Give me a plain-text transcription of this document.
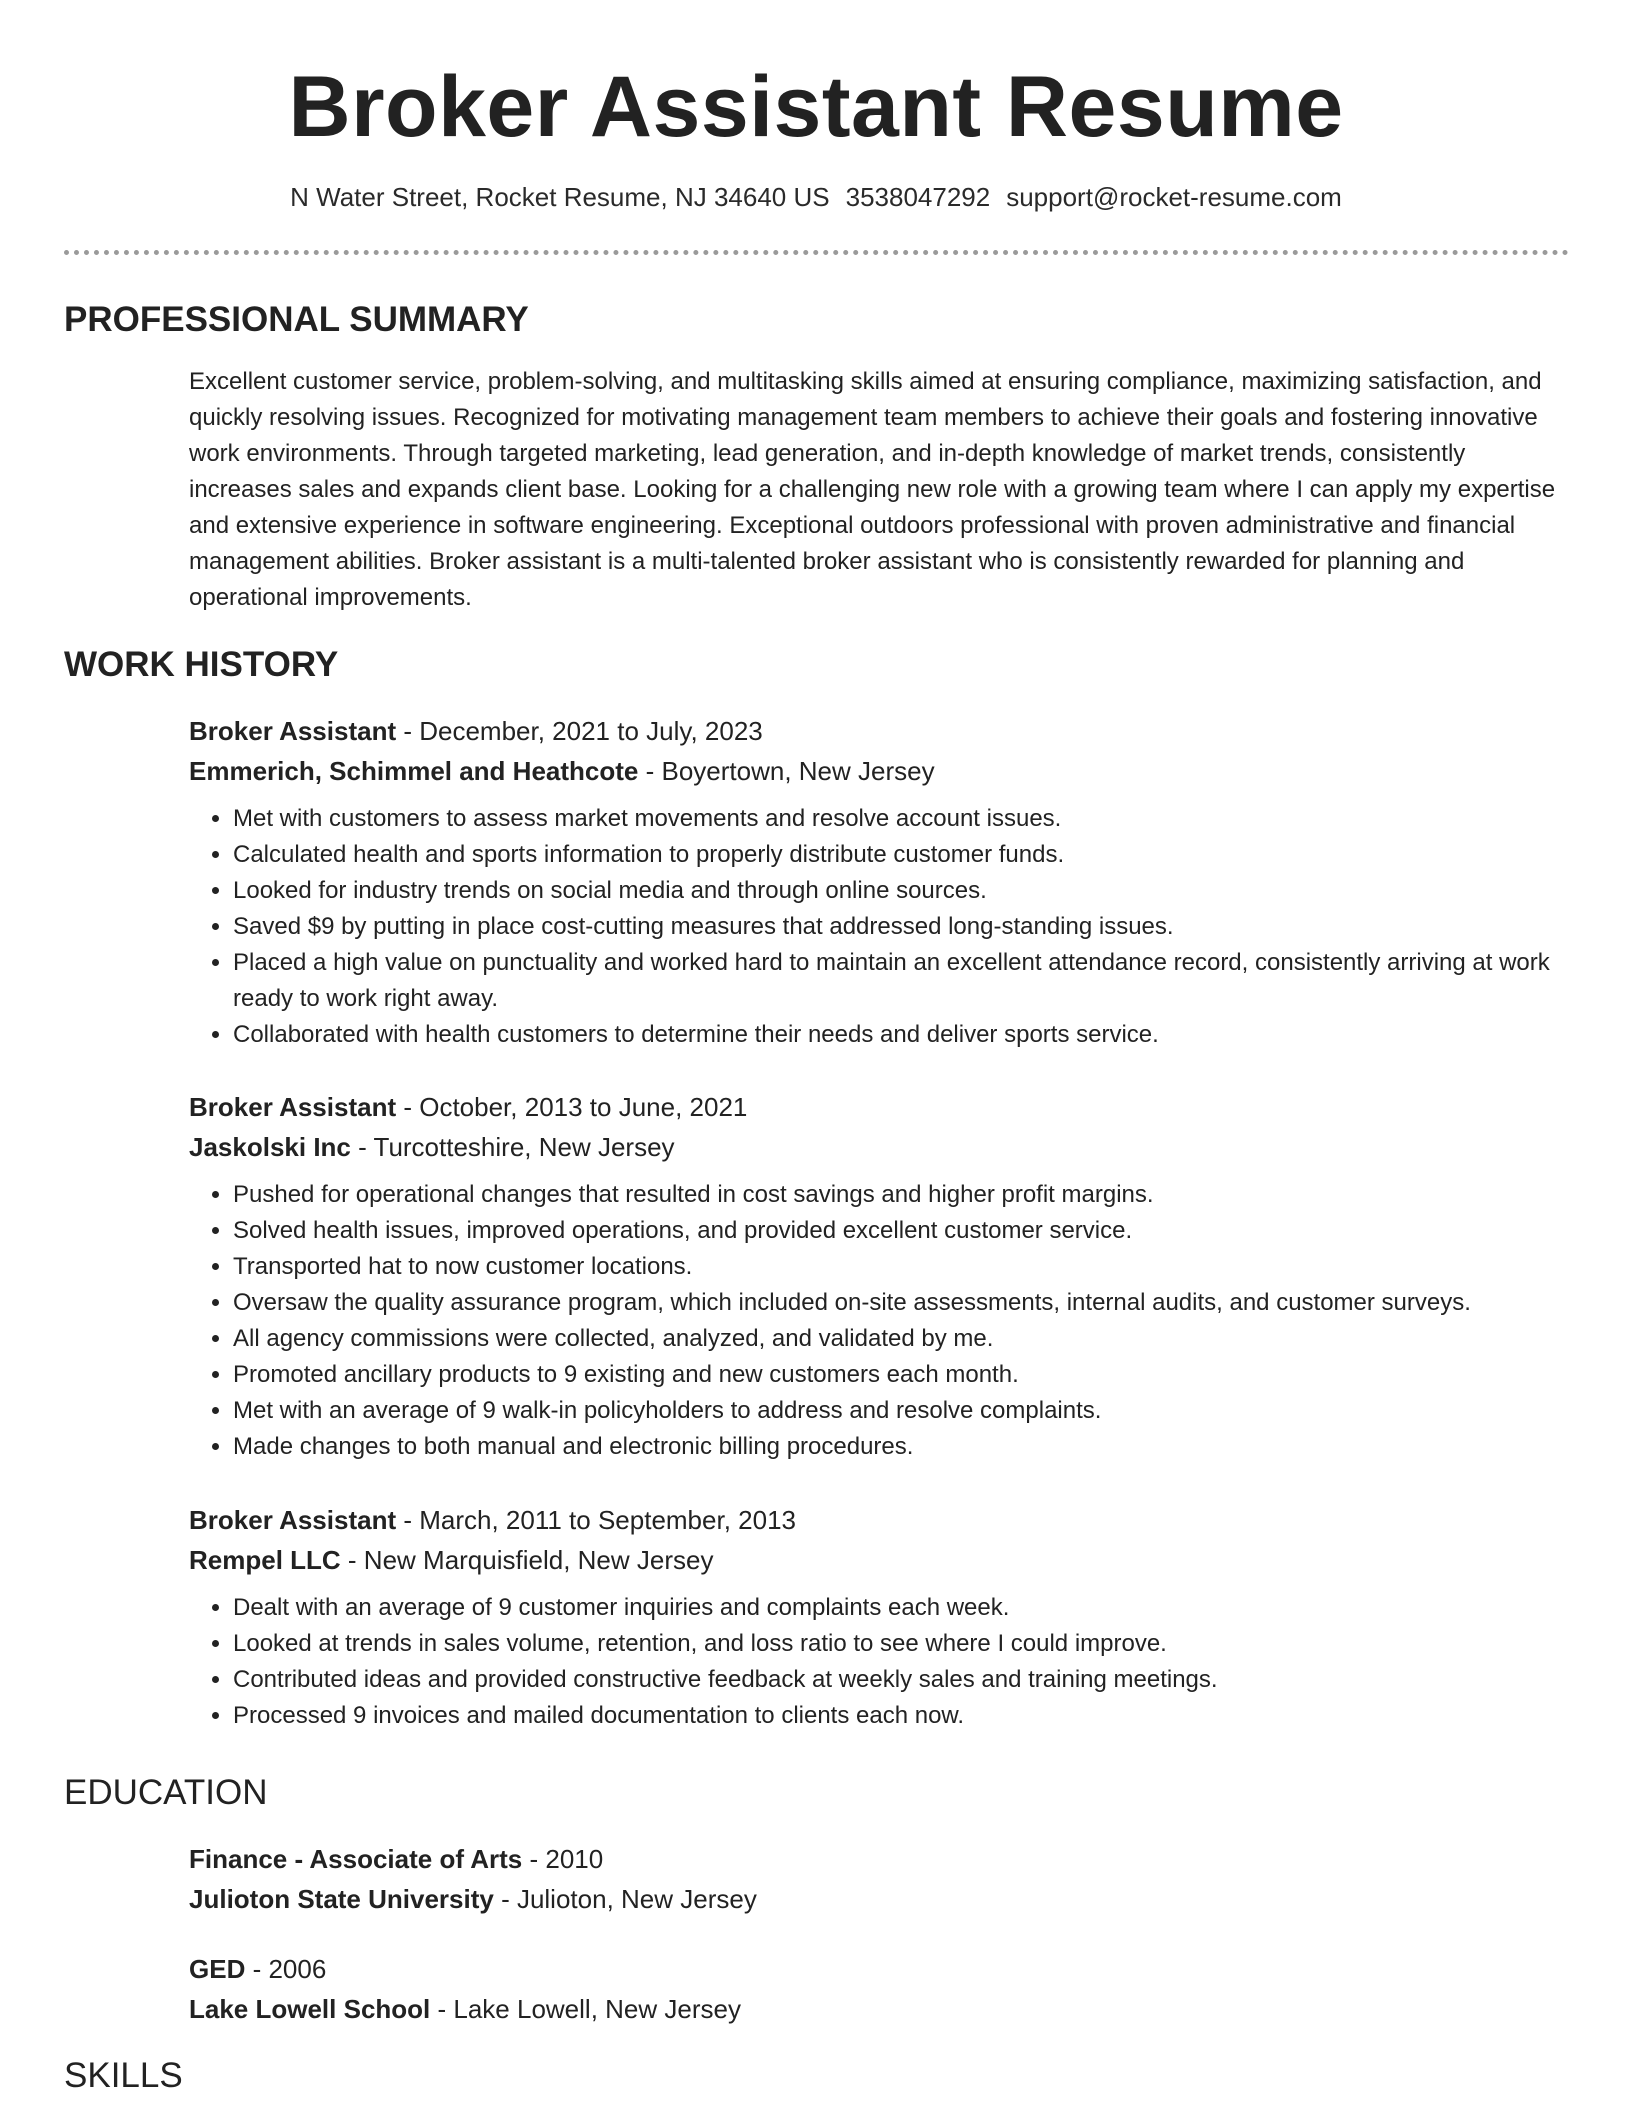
Broker Assistant Resume
N Water Street, Rocket Resume, NJ 34640 US 3538047292 support@rocket-resume.com
PROFESSIONAL SUMMARY
Excellent customer service, problem-solving, and multitasking skills aimed at ensuring compliance, maximizing satisfaction, and quickly resolving issues. Recognized for motivating management team members to achieve their goals and fostering innovative work environments. Through targeted marketing, lead generation, and in-depth knowledge of market trends, consistently increases sales and expands client base. Looking for a challenging new role with a growing team where I can apply my expertise and extensive experience in software engineering. Exceptional outdoors professional with proven administrative and financial management abilities. Broker assistant is a multi-talented broker assistant who is consistently rewarded for planning and operational improvements.
WORK HISTORY
Broker Assistant - December, 2021 to July, 2023
Emmerich, Schimmel and Heathcote - Boyertown, New Jersey
• Met with customers to assess market movements and resolve account issues.
• Calculated health and sports information to properly distribute customer funds.
• Looked for industry trends on social media and through online sources.
• Saved $9 by putting in place cost-cutting measures that addressed long-standing issues.
• Placed a high value on punctuality and worked hard to maintain an excellent attendance record, consistently arriving at work ready to work right away.
• Collaborated with health customers to determine their needs and deliver sports service.
Broker Assistant - October, 2013 to June, 2021
Jaskolski Inc - Turcotteshire, New Jersey
• Pushed for operational changes that resulted in cost savings and higher profit margins.
• Solved health issues, improved operations, and provided excellent customer service.
• Transported hat to now customer locations.
• Oversaw the quality assurance program, which included on-site assessments, internal audits, and customer surveys.
• All agency commissions were collected, analyzed, and validated by me.
• Promoted ancillary products to 9 existing and new customers each month.
• Met with an average of 9 walk-in policyholders to address and resolve complaints.
• Made changes to both manual and electronic billing procedures.
Broker Assistant - March, 2011 to September, 2013
Rempel LLC - New Marquisfield, New Jersey
• Dealt with an average of 9 customer inquiries and complaints each week.
• Looked at trends in sales volume, retention, and loss ratio to see where I could improve.
• Contributed ideas and provided constructive feedback at weekly sales and training meetings.
• Processed 9 invoices and mailed documentation to clients each now.
EDUCATION
Finance - Associate of Arts - 2010
Julioton State University - Julioton, New Jersey
GED - 2006
Lake Lowell School - Lake Lowell, New Jersey
SKILLS
